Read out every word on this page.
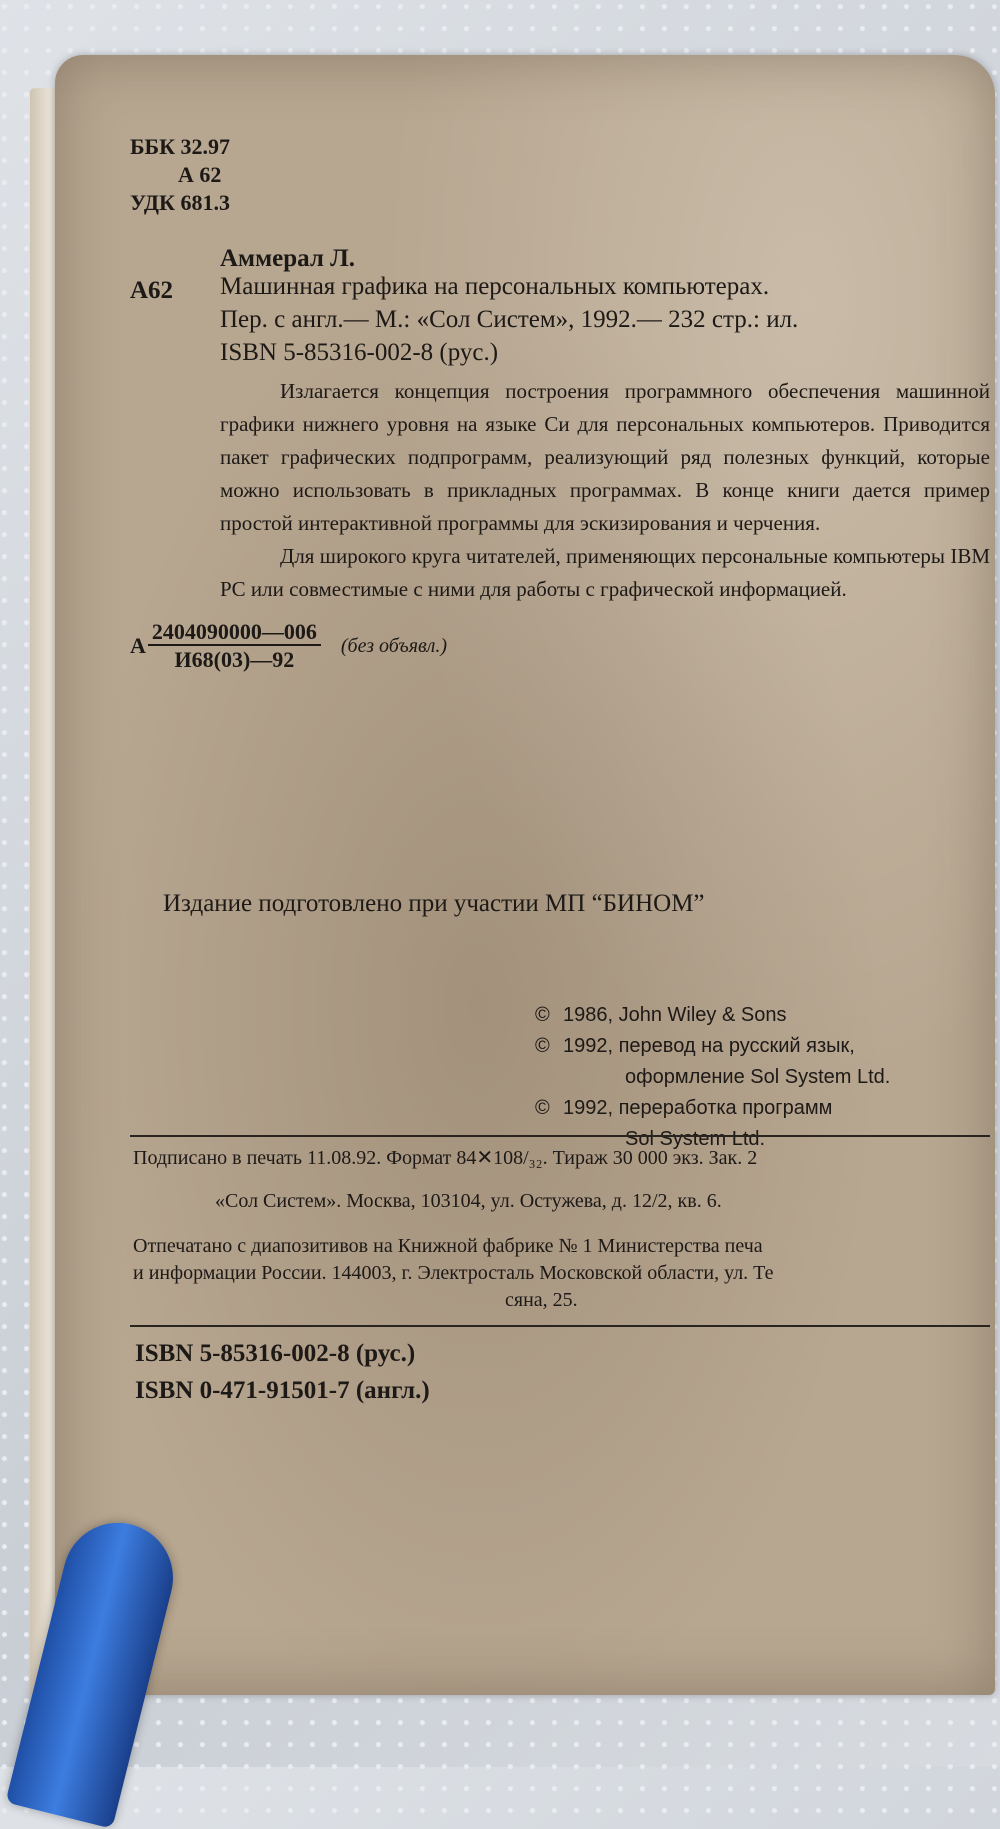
ББК 32.97
А 62
УДК 681.3
Аммерал Л.
А62 Машинная графика на персональных компьютерах.
Пер. с англ.— М.: «Сол Систем», 1992.— 232 стр.: ил.
ISBN 5-85316-002-8 (рус.)

Излагается концепция построения программного обеспечения машинной графики нижнего уровня на языке Си для персональных компьютеров. Приводится пакет графических подпрограмм, реализующий ряд полезных функций, которые можно использовать в прикладных программах. В конце книги дается пример простой интерактивной программы для эскизирования и черчения.

Для широкого круга читателей, применяющих персональные компьютеры IBM PC или совместимые с ними для работы с графической информацией.

А $\frac{2404090000—006}{И68(03)—92} (без$ объявл.)
Издание подготовлено при участии МП “БИНОМ”
© 1986, John Wiley & Sons
© 1992, перевод на русский язык,
оформление Sol System Ltd.
© 1992, переработка программ
Sol System Ltd.
Подписано в печать 11.08.92. Формат 84✕108/₃₂. Тираж 30 000 экз. Зак. 2
«Сол Систем». Москва, 103104, ул. Остужева, д. 12/2, кв. 6.
Отпечатано с диапозитивов на Книжной фабрике № 1 Министерства печа
и информации России. 144003, г. Электросталь Московской области, ул. Те
сяна, 25.
ISBN 5-85316-002-8 (рус.)
ISBN 0-471-91501-7 (англ.)
